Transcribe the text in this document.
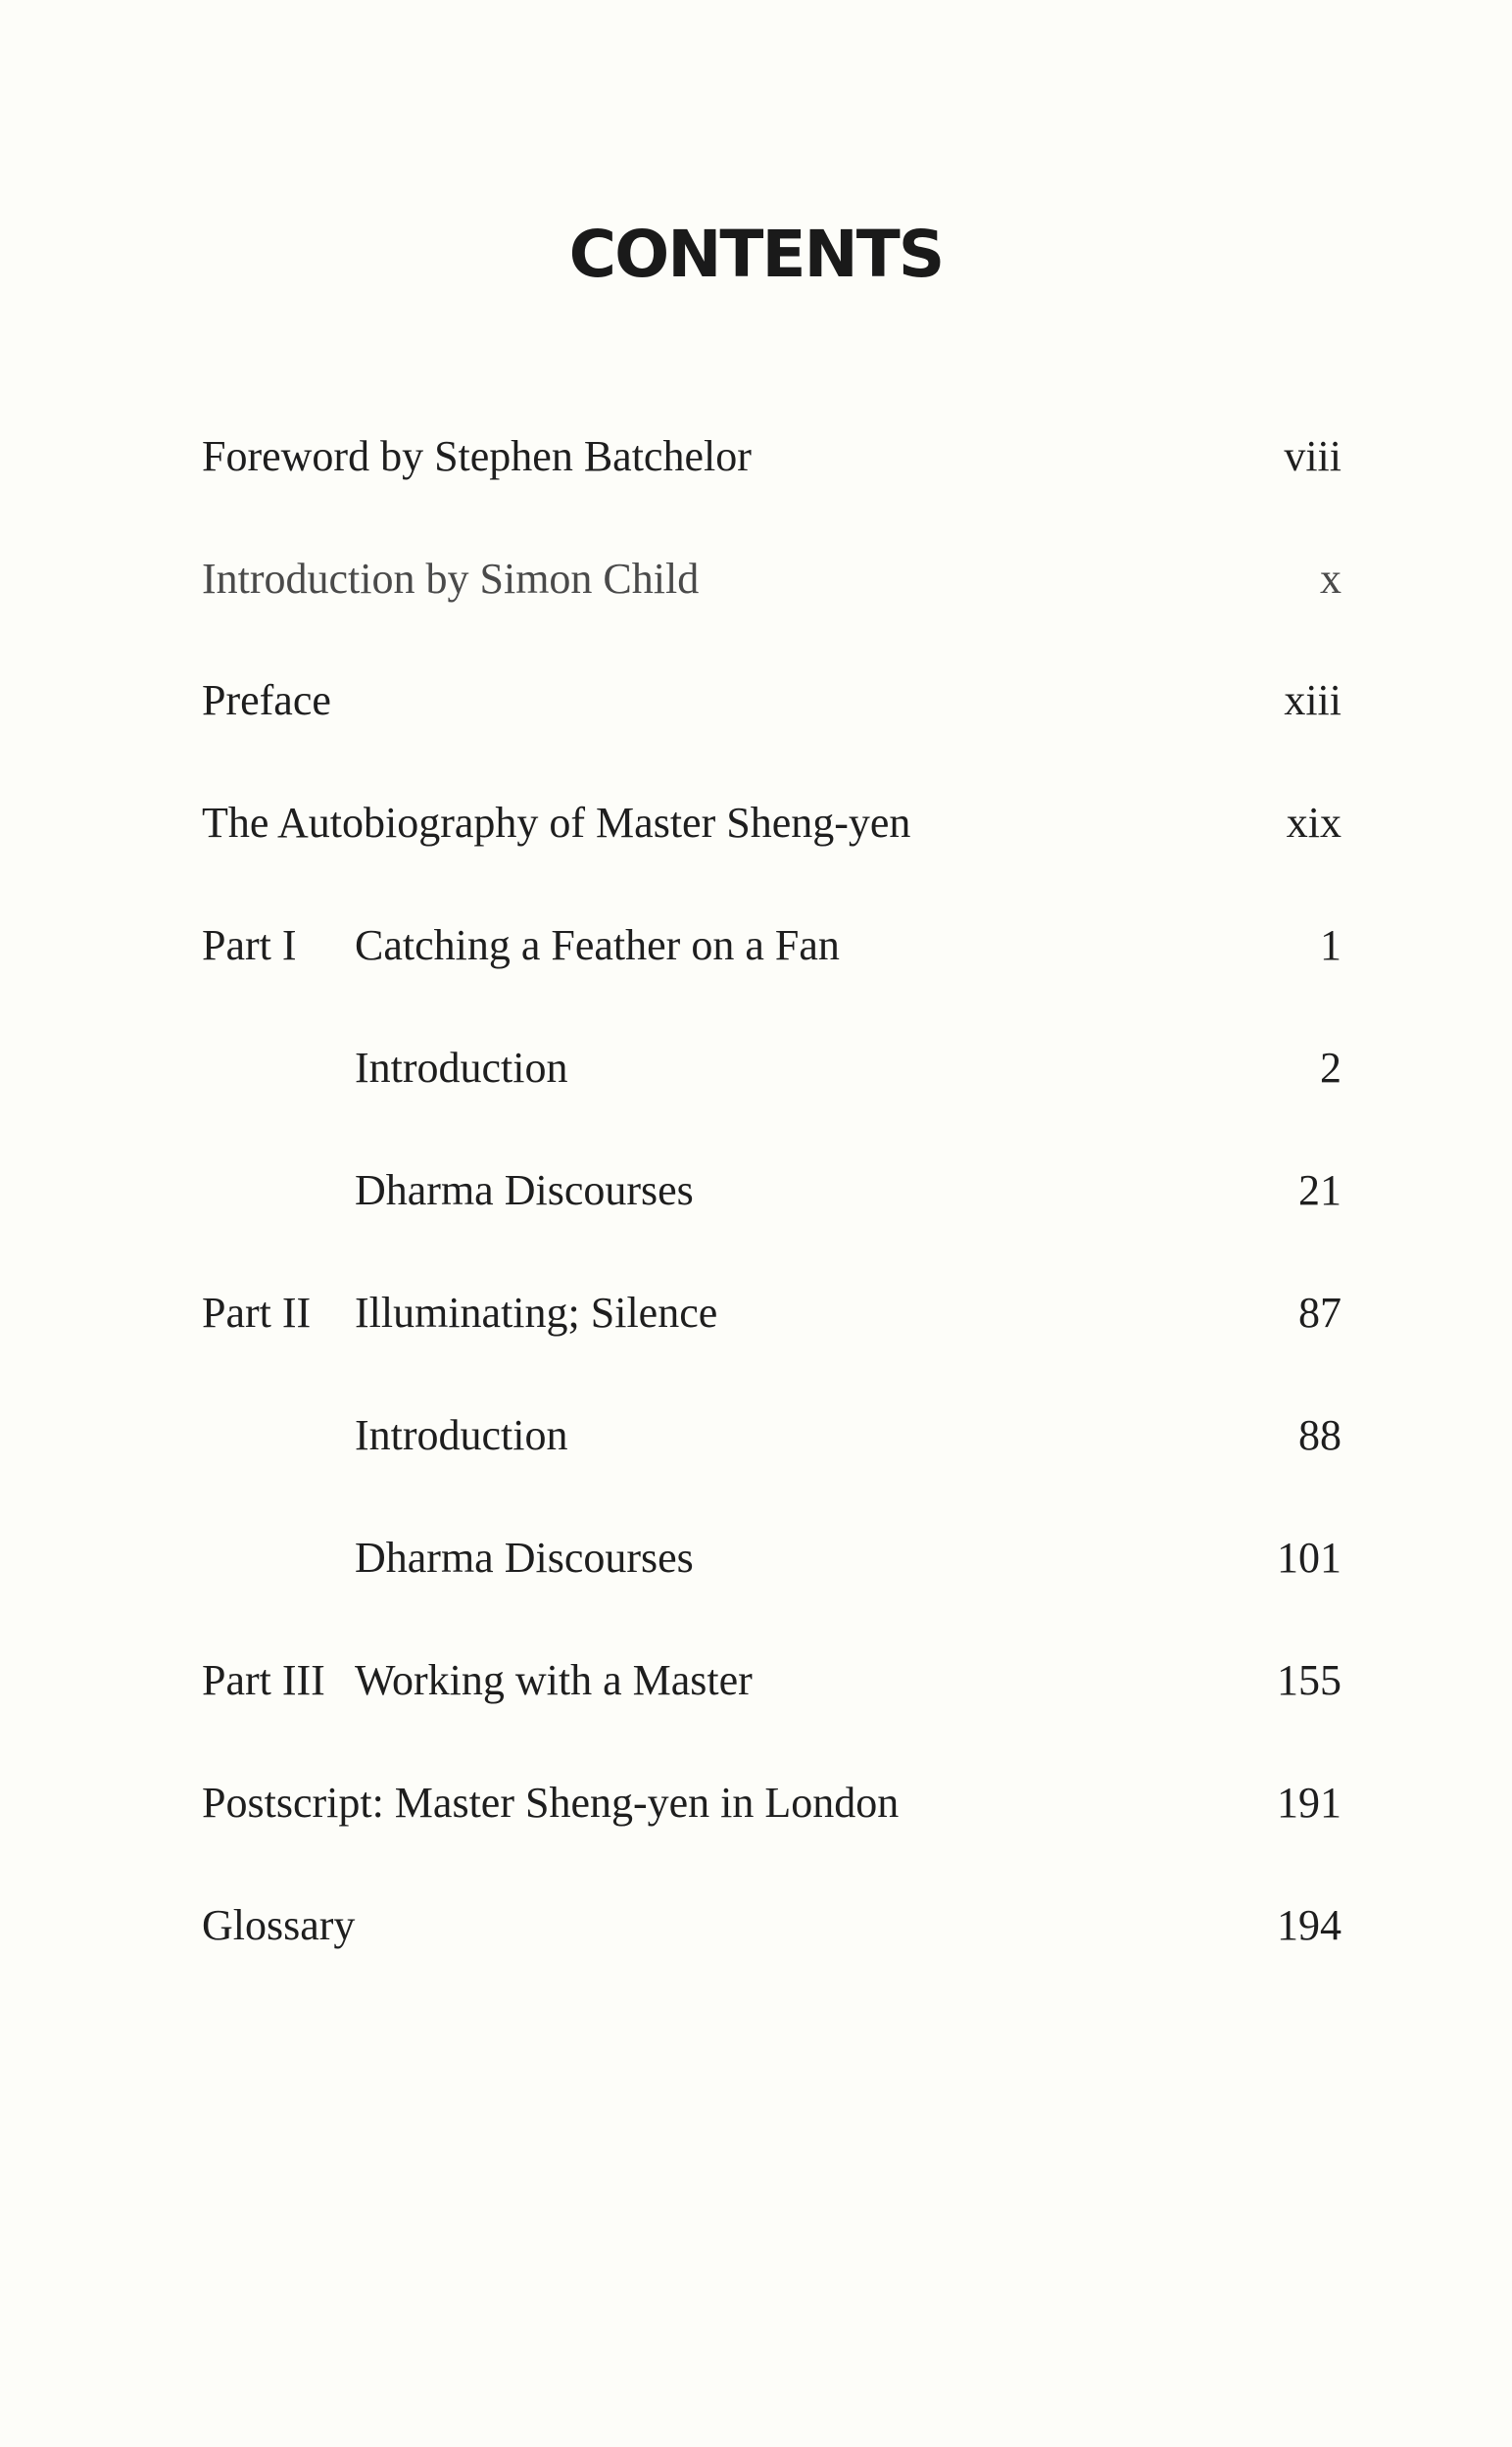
CONTENTS
Foreword by Stephen Batchelor	viii
Introduction by Simon Child	x
Preface	xiii
The Autobiography of Master Sheng-yen	xix
Part I Catching a Feather on a Fan	1
Introduction	2
Dharma Discourses	21
Part II Illuminating; Silence	87
Introduction	88
Dharma Discourses	101
Part III Working with a Master	155
Postscript: Master Sheng-yen in London	191
Glossary	194
